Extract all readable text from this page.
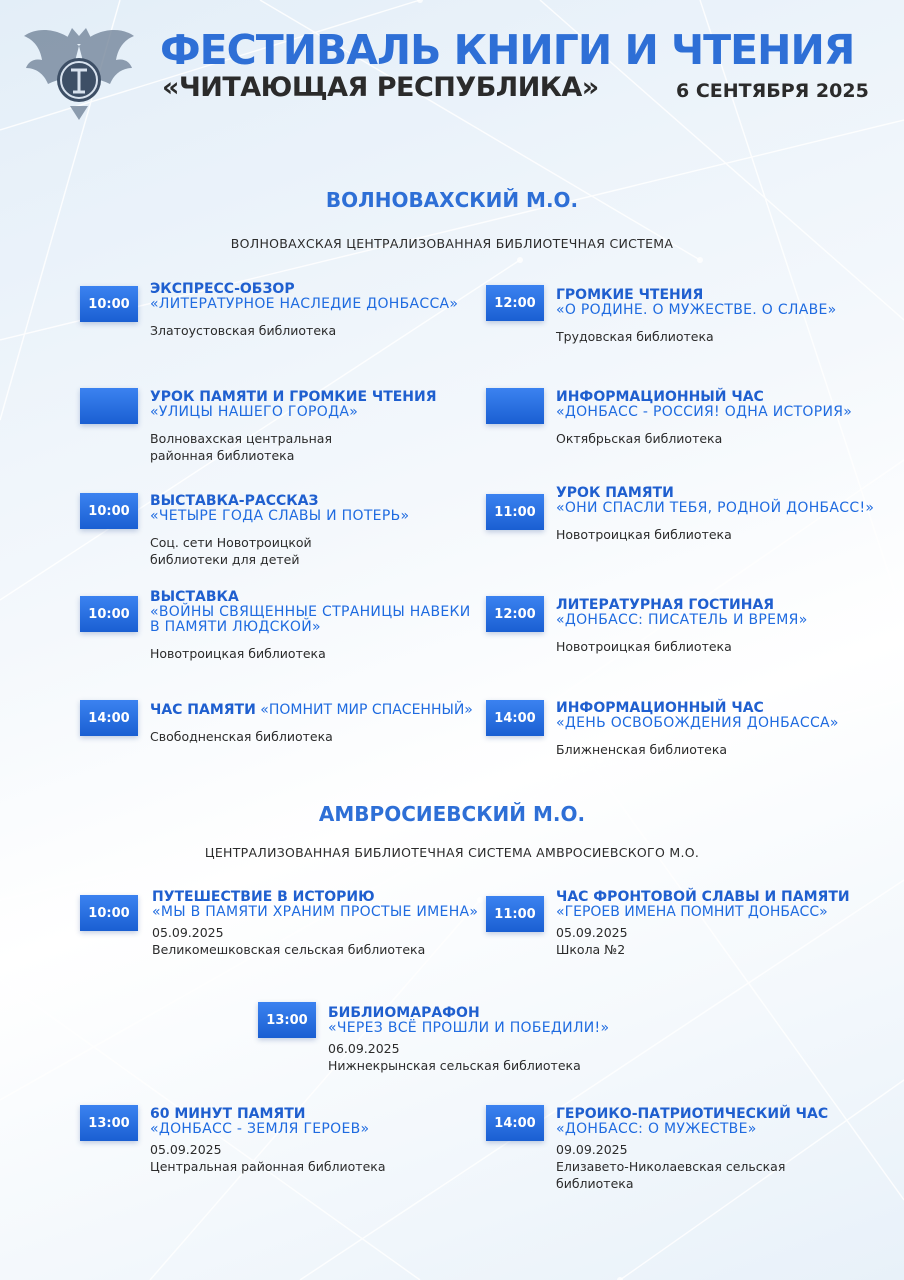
ФЕСТИВАЛЬ КНИГИ И ЧТЕНИЯ
«ЧИТАЮЩАЯ РЕСПУБЛИКА»	6 СЕНТЯБРЯ 2025
ВОЛНОВАХСКИЙ М.О.
ВОЛНОВАХСКАЯ ЦЕНТРАЛИЗОВАННАЯ БИБЛИОТЕЧНАЯ СИСТЕМА
10:00
ЭКСПРЕСС-ОБЗОР
«ЛИТЕРАТУРНОЕ НАСЛЕДИЕ ДОНБАССА»
Златоустовская библиотека
12:00	ГРОМКИЕ ЧТЕНИЯ
«О РОДИНЕ. О МУЖЕСТВЕ. О СЛАВЕ»
Трудовская библиотека
УРОК ПАМЯТИ И ГРОМКИЕ ЧТЕНИЯ
«УЛИЦЫ НАШЕГО ГОРОДА»
Волновахская центральная
районная библиотека
ИНФОРМАЦИОННЫЙ ЧАС
«ДОНБАСС - РОССИЯ! ОДНА ИСТОРИЯ»
Октябрьская библиотека
10:00
ВЫСТАВКА-РАССКАЗ
«ЧЕТЫРЕ ГОДА СЛАВЫ И ПОТЕРЬ»
Соц. сети Новотроицкой
библиотеки для детей
11:00
УРОК ПАМЯТИ
«ОНИ СПАСЛИ ТЕБЯ, РОДНОЙ ДОНБАСС!»
Новотроицкая библиотека
10:00
ВЫСТАВКА
«ВОЙНЫ СВЯЩЕННЫЕ СТРАНИЦЫ НАВЕКИ В ПАМЯТИ ЛЮДСКОЙ»
Новотроицкая библиотека
12:00
ЛИТЕРАТУРНАЯ ГОСТИНАЯ
«ДОНБАСС: ПИСАТЕЛЬ И ВРЕМЯ»
Новотроицкая библиотека
14:00	ЧАС ПАМЯТИ «ПОМНИТ МИР СПАСЕННЫЙ»
Свободненская библиотека
14:00
ИНФОРМАЦИОННЫЙ ЧАС
«ДЕНЬ ОСВОБОЖДЕНИЯ ДОНБАССА»
Ближненская библиотека
АМВРОСИЕВСКИЙ М.О.
ЦЕНТРАЛИЗОВАННАЯ БИБЛИОТЕЧНАЯ СИСТЕМА АМВРОСИЕВСКОГО М.О.
10:00
ПУТЕШЕСТВИЕ В ИСТОРИЮ
«МЫ В ПАМЯТИ ХРАНИМ ПРОСТЫЕ ИМЕНА»
05.09.2025
Великомешковская сельская библиотека
11:00
ЧАС ФРОНТОВОЙ СЛАВЫ И ПАМЯТИ «ГЕРОЕВ ИМЕНА ПОМНИТ ДОНБАСС»
05.09.2025
Школа №2
13:00	БИБЛИОМАРАФОН
«ЧЕРЕЗ ВСЁ ПРОШЛИ И ПОБЕДИЛИ!»
06.09.2025
Нижнекрынская сельская библиотека
13:00
60 МИНУТ ПАМЯТИ
«ДОНБАСС - ЗЕМЛЯ ГЕРОЕВ»
05.09.2025
Центральная районная библиотека
14:00
ГЕРОИКО-ПАТРИОТИЧЕСКИЙ ЧАС
«ДОНБАСС: О МУЖЕСТВЕ»
09.09.2025
Елизавето-Николаевская сельская
библиотека
